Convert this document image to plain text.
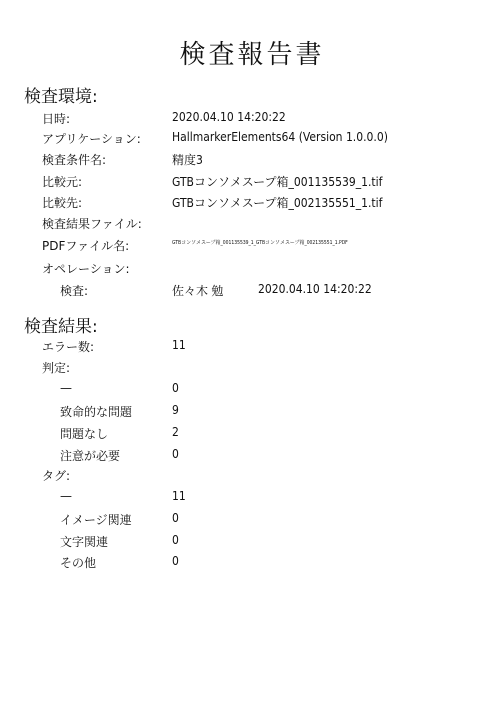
検査報告書
検査環境:
日時:	2020.04.10 14:20:22
アプリケーション:	HallmarkerElements64 (Version 1.0.0.0)
検査条件名:	精度3
比較元:	GTBコンソメスープ箱_001135539_1.tif
比較先:	GTBコンソメスープ箱_002135551_1.tif
検査結果ファイル:
PDFファイル名:	GTBコンソメスープ箱_001135539_1_GTBコンソメスープ箱_002135551_1.PDF
オペレーション:
検査:	佐々木 勉	2020.04.10 14:20:22
検査結果:
エラー数:	11
判定:
—	0
致命的な問題	9
問題なし	2
注意が必要	0
タグ:
—	11
イメージ関連	0
文字関連	0
その他	0
